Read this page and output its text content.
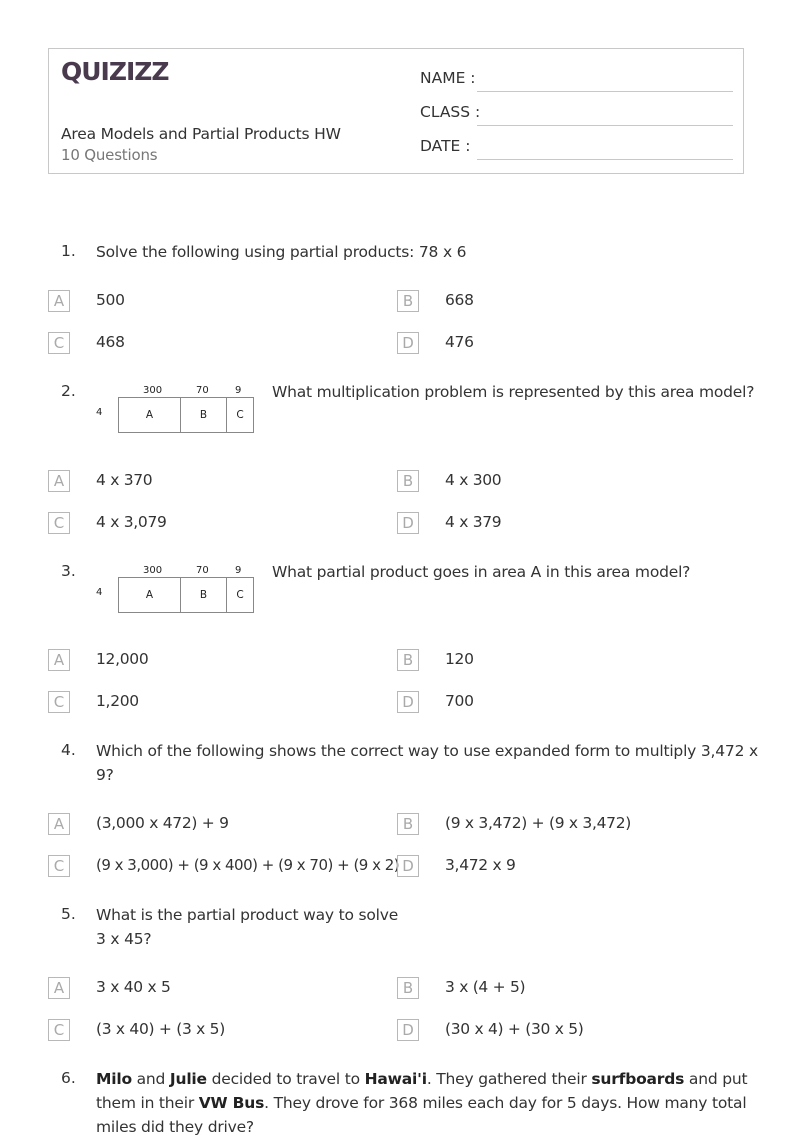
QUIZIZZ
Area Models and Partial Products HW
10 Questions
NAME :
CLASS :
DATE :
1. Solve the following using partial products: 78 x 6
A	500	B	668
C	468	D	476
2.	300	70	9
4	A	B	C
What multiplication problem is represented by this area model?
A	4 x 370	B	4 x 300
C	4 x 3,079	D	4 x 379
3.	300	70	9
4	A	B	C
What partial product goes in area A in this area model?
A	12,000	B	120
C	1,200	D	700
4. Which of the following shows the correct way to use expanded form to multiply 3,472 x
9?
A	(3,000 x 472) + 9	B	(9 x 3,472) + (9 x 3,472)
C	(9 x 3,000) + (9 x 400) + (9 x 70) + (9 x 2) D	3,472 x 9
5. What is the partial product way to solve
3 x 45?
A	3 x 40 x 5	B	3 x (4 + 5)
C	(3 x 40) + (3 x 5)	D	(30 x 4) + (30 x 5)
6. Milo and Julie decided to travel to Hawai'i. They gathered their surfboards and put
them in their VW Bus. They drove for 368 miles each day for 5 days. How many total
miles did they drive?
